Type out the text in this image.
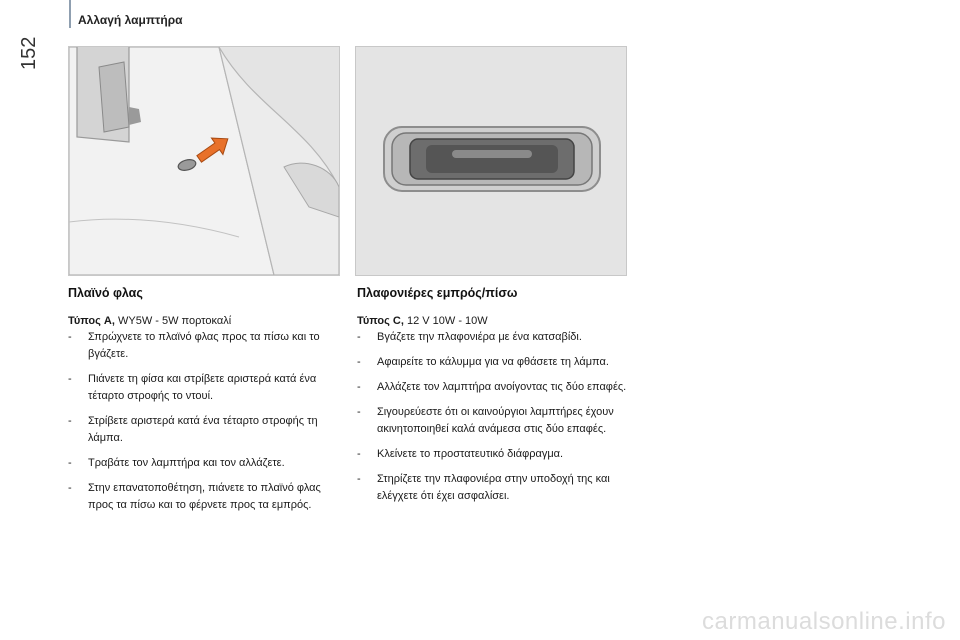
Αλλαγή λαμπτήρα
152
Πλαϊνό φλας

Τύπος A, WY5W - 5W πορτοκαλί

- Σπρώχνετε το πλαϊνό φλας προς τα πίσω και το βγάζετε.
- Πιάνετε τη φίσα και στρίβετε αριστερά κατά ένα τέταρτο στροφής το ντουί.
- Στρίβετε αριστερά κατά ένα τέταρτο στροφής τη λάμπα.
- Τραβάτε τον λαμπτήρα και τον αλλάζετε.
- Στην επανατοποθέτηση, πιάνετε το πλαϊνό φλας προς τα πίσω και το φέρνετε προς τα εμπρός.
Πλαφονιέρες εμπρός/πίσω

Τύπος C, 12 V 10W - 10W

- Βγάζετε την πλαφονιέρα με ένα κατσαβίδι.
- Αφαιρείτε το κάλυμμα για να φθάσετε τη λάμπα.
- Αλλάζετε τον λαμπτήρα ανοίγοντας τις δύο επαφές.
- Σιγουρεύεστε ότι οι καινούργιοι λαμπτήρες έχουν ακινητοποιηθεί καλά ανάμεσα στις δύο επαφές.
- Κλείνετε το προστατευτικό διάφραγμα.
- Στηρίζετε την πλαφονιέρα στην υποδοχή της και ελέγχετε ότι έχει ασφαλίσει.
carmanualsonline.info
